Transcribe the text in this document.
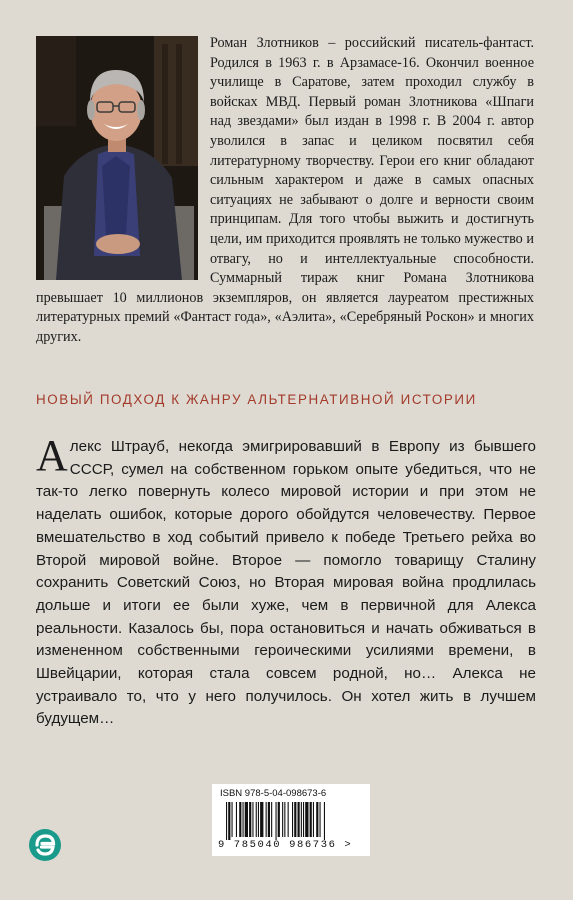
Роман Злотников – российский писатель-фантаст. Родился в 1963 г. в Арзамасе-16. Окончил военное училище в Саратове, затем проходил службу в войсках МВД. Первый роман Злотникова «Шпаги над звездами» был издан в 1998 г. В 2004 г. автор уволился в запас и целиком посвятил себя литературному творчеству. Герои его книг обладают сильным характером и даже в самых опасных ситуациях не забывают о долге и верности своим принципам. Для того чтобы выжить и достигнуть цели, им приходится проявлять не только мужество и отвагу, но и интеллектуальные способности. Суммарный тираж книг Романа Злотникова превышает 10 миллионов экземпляров, он является лауреатом престижных литературных премий «Фантаст года», «Аэлита», «Серебряный Роскон» и многих других.

НОВЫЙ ПОДХОД К ЖАНРУ АЛЬТЕРНАТИВНОЙ ИСТОРИИ

Алекс Штрауб, некогда эмигрировавший в Европу из бывшего СССР, сумел на собственном горьком опыте убедиться, что не так-то легко повернуть колесо мировой истории и при этом не наделать ошибок, которые дорого обойдутся человечеству. Первое вмешательство в ход событий привело к победе Третьего рейха во Второй мировой войне. Второе — помогло товарищу Сталину сохранить Советский Союз, но Вторая мировая война продлилась дольше и итоги ее были хуже, чем в первичной для Алекса реальности. Казалось бы, пора остановиться и начать обживаться в измененном собственными героическими усилиями времени, в Швейцарии, которая стала совсем родной, но… Алекса не устраивало то, что у него получилось. Он хотел жить в лучшем будущем…

ISBN 978-5-04-098673-6
9 785040 986736 >
